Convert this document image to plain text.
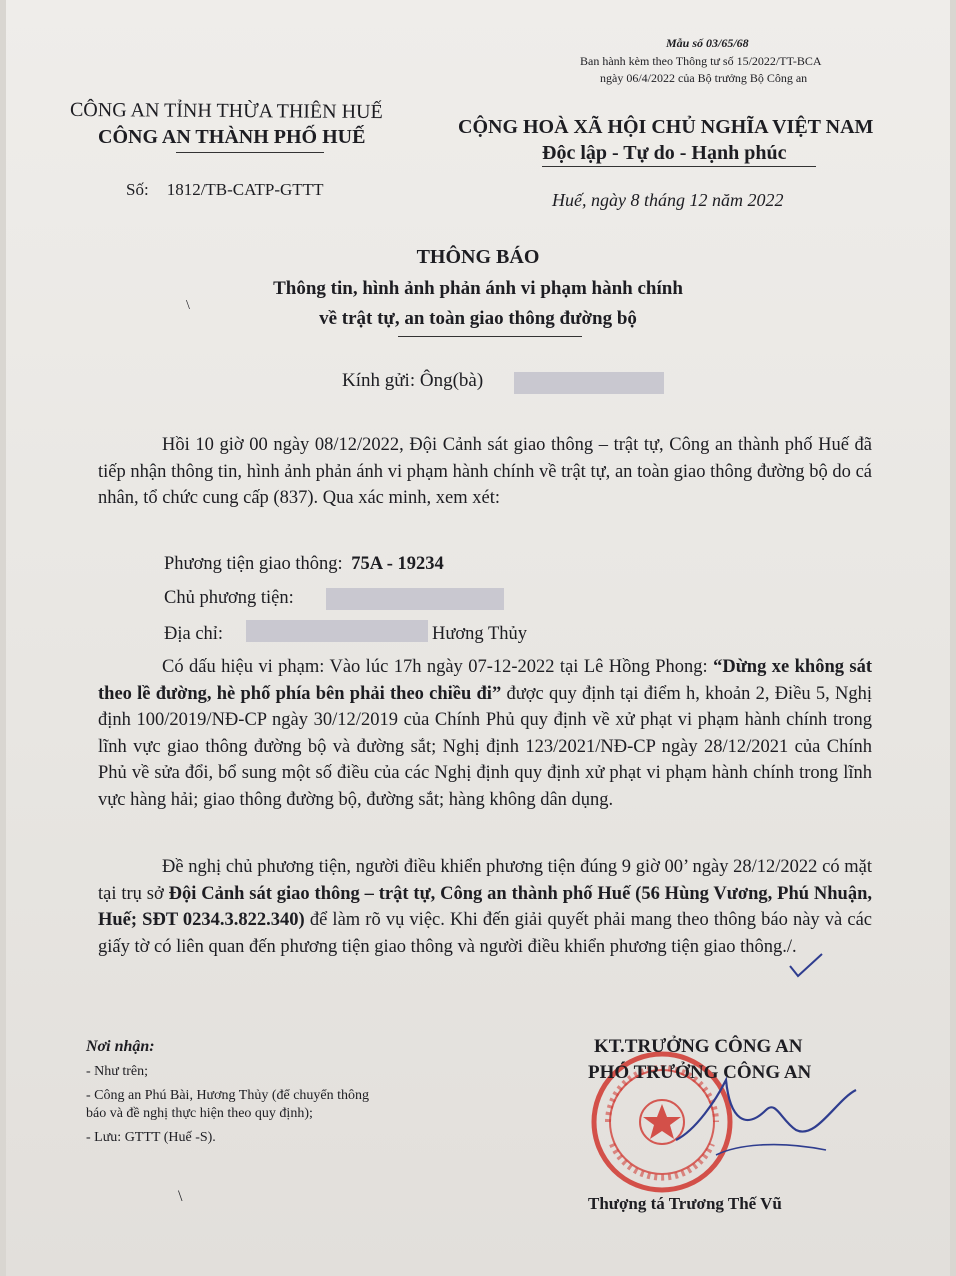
Mẫu số 03/65/68
Ban hành kèm theo Thông tư số 15/2022/TT-BCA
ngày 06/4/2022 của Bộ trưởng Bộ Công an
CÔNG AN TỈNH THỪA THIÊN HUẾ
CÔNG AN THÀNH PHỐ HUẾ	CỘNG HOÀ XÃ HỘI CHỦ NGHĨA VIỆT NAM
Độc lập - Tự do - Hạnh phúc
Số: 1812/TB-CATP-GTTT
Huế, ngày 8 tháng 12 năm 2022
THÔNG BÁO
Thông tin, hình ảnh phản ánh vi phạm hành chính
về trật tự, an toàn giao thông đường bộ
\
Kính gửi: Ông(bà)
Hồi 10 giờ 00 ngày 08/12/2022, Đội Cảnh sát giao thông – trật tự, Công an thành phố Huế đã tiếp nhận thông tin, hình ảnh phản ánh vi phạm hành chính về trật tự, an toàn giao thông đường bộ do cá nhân, tổ chức cung cấp (837). Qua xác minh, xem xét:
Phương tiện giao thông: 75A - 19234
Chủ phương tiện:
Địa chỉ:	Hương Thủy
Có dấu hiệu vi phạm: Vào lúc 17h ngày 07-12-2022 tại Lê Hồng Phong: “Dừng xe không sát theo lề đường, hè phố phía bên phải theo chiều đi” được quy định tại điểm h, khoản 2, Điều 5, Nghị định 100/2019/NĐ-CP ngày 30/12/2019 của Chính Phủ quy định về xử phạt vi phạm hành chính trong lĩnh vực giao thông đường bộ và đường sắt; Nghị định 123/2021/NĐ-CP ngày 28/12/2021 của Chính Phủ về sửa đổi, bổ sung một số điều của các Nghị định quy định xử phạt vi phạm hành chính trong lĩnh vực hàng hải; giao thông đường bộ, đường sắt; hàng không dân dụng.
Đề nghị chủ phương tiện, người điều khiển phương tiện đúng 9 giờ 00’ ngày 28/12/2022 có mặt tại trụ sở Đội Cảnh sát giao thông – trật tự, Công an thành phố Huế (56 Hùng Vương, Phú Nhuận, Huế; SĐT 0234.3.822.340) để làm rõ vụ việc. Khi đến giải quyết phải mang theo thông báo này và các giấy tờ có liên quan đến phương tiện giao thông và người điều khiển phương tiện giao thông./.
Nơi nhận:
- Như trên;
- Công an Phú Bài, Hương Thủy (để chuyển thông
báo và đề nghị thực hiện theo quy định);
- Lưu: GTTT (Huế -S).
\
KT.TRƯỞNG CÔNG AN
PHÓ TRƯỞNG CÔNG AN
Thượng tá Trương Thế Vũ
